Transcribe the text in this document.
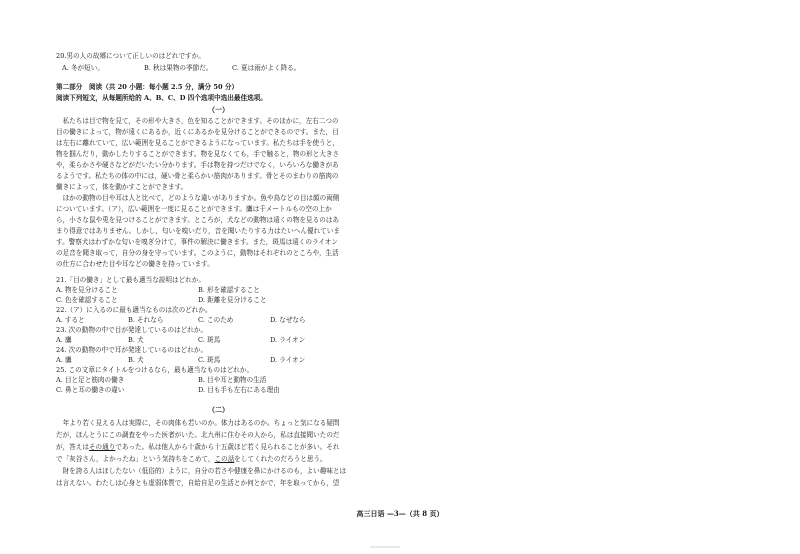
20.男の人の故郷について正しいのはどれですか。
A. 冬が短い。	B. 秋は果物の季節だ。	C. 夏は雨がよく降る。
第二部分　阅读（共 20 小题：每小题 2.5 分，满分 50 分）
阅读下列短文，从每题所给的 A、B、C、D 四个选项中选出最佳选项。
（一）
　私たちは目で物を見て，その形や大きさ，色を知ることができます。そのほかに，左右二つの
目の働きによって，物が遠くにあるか，近くにあるかを見分けることができるのです。また，目
は左右に離れていて，広い範囲を見ることができるようになっています。私たちは手を使うと，
物を掴んだり，動かしたりすることができます。物を見なくても，手で触ると，物の形と大きさ
や，柔らかさや硬さなどがだいたい分かります。手は物を持つだけでなく，いろいろな働きがあ
るようです。私たちの体の中には，硬い骨と柔らかい筋肉があります。骨とそのまわりの筋肉の
働きによって，体を動かすことができます。
　ほかの動物の目や耳は人と比べて，どのような違いがありますか。魚や鳥などの目は顔の両側
についています。（ア），広い範囲を一度に見ることができます。鷹は千メートルもの空の上か
ら，小さな鼠や兎を見つけることができます。ところが，犬などの動物は遠くの物を見るのはあ
まり得意ではありません。しかし，匂いを嗅いだり，音を聞いたりする力はたいへん優れていま
す。警察犬はわずかな匂いを嗅ぎ分けて，事件の解決に働きます。また，斑馬は遠くのライオン
の足音を聞き取って，自分の身を守っています。このように，動物はそれぞれのところや，生活
の仕方に合わせた目や耳などの働きを持っています。
21.「目の働き」として最も適当な説明はどれか。
A. 物を見分けること	B. 形を確認すること
C. 色を確認すること	D. 距離を見分けること
22.（ア）に入るのに最も適当なものは次のどれか。
A. すると	B. それなら	C. このため	D. なぜなら
23. 次の動物の中で目が発達しているのはどれか。
A. 鷹	B. 犬	C. 斑馬	D. ライオン
24. 次の動物の中で耳が発達しているのはどれか。
A. 鷹	B. 犬	C. 斑馬	D. ライオン
25. この文章にタイトルをつけるなら，最も適当なものはどれか。
A. 目と足と筋肉の働き	B. 目や耳と動物の生活
C. 鼻と耳の働きの違い	D. 目も手も左右にある理由
（二）
　年より若く見える人は実際に，その肉体も若いのか。体力はあるのか。ちょっと気になる疑問
だが，ほんとうにこの調査をやった医者がいた。北九州に住むその人から，私は直接聞いたのだ
が，答えはその通りであった。私は他人から十歳から十五歳ほど若く見られることが多い。それ
で「灰谷さん，よかったね」という気持ちをこめて，この話をしてくれたのだろうと思う。
　財を誇る人はほしたない（低俗的）ように，自分の若さや健康を鼻にかけるのも，よい趣味とは
は言えない。わたしは心身とも虚弱体質で，自給自足の生活とか何とかで，年を取ってから，望
高三日语 —3—（共 8 页）
